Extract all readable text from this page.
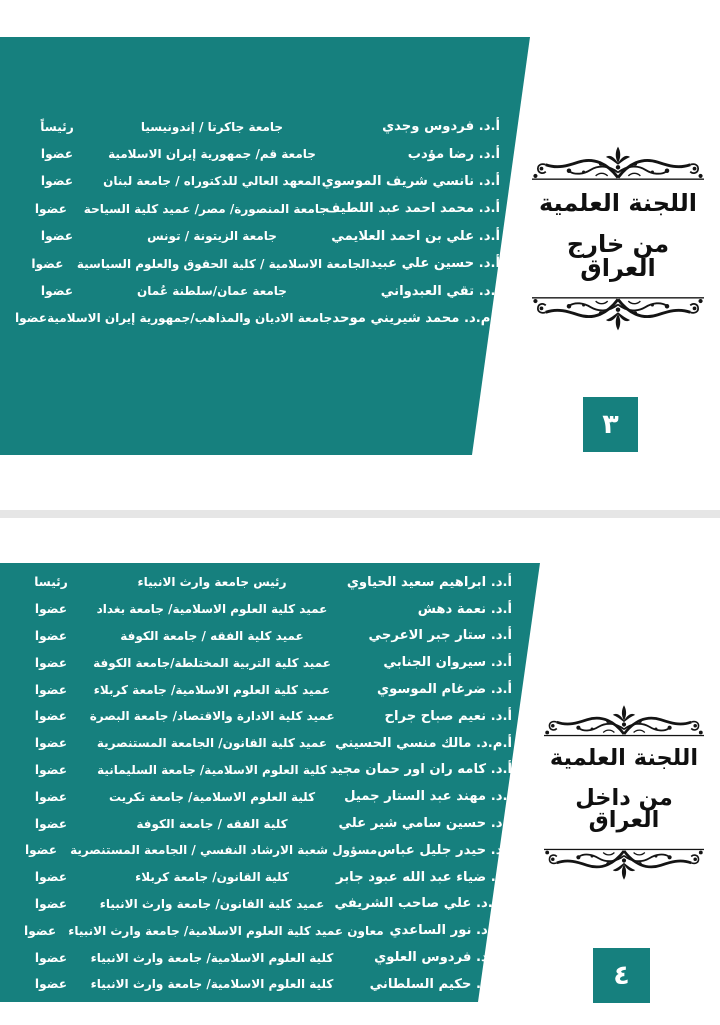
أ.د. فردوس وجدي
جامعة جاكرتا / إندونيسيا
رئيساً
أ.د. رضا مؤدب
جامعة قم/ جمهورية إيران الاسلامية
عضوا
أ.د. نانسي شريف الموسوي
المعهد العالي للدكتوراه / جامعة لبنان
عضوا
أ.د. محمد احمد عبد اللطيف
جامعة المنصورة/ مصر/ عميد كلية السياحة
عضوا
أ.د. علي بن احمد العلايمي
جامعة الزيتونة / تونس
عضوا
أ.د. حسين علي عبيد
الجامعة الاسلامية / كلية الحقوق والعلوم السياسية
عضوا
أ.د. تقي العبدواني
جامعة عمان/سلطنة عُمان
عضوا
أ.م.د. محمد شيريني موحد
جامعة الاديان والمذاهب/جمهورية إيران الاسلامية
عضوا
اللجنة العلمية
من خارج العراق
٣
أ.د. ابراهيم سعيد الحياوي
رئيس جامعة وارث الانبياء
رئيسا
أ.د. نعمة دهش
عميد كلية العلوم الاسلامية/ جامعة بغداد
عضوا
أ.د. ستار جبر الاعرجي
عميد كلية الفقه / جامعة الكوفة
عضوا
أ.د. سيروان الجنابي
عميد كلية التربية المختلطة/جامعة الكوفة
عضوا
أ.د. ضرغام الموسوي
عميد كلية العلوم الاسلامية/ جامعة كربلاء
عضوا
أ.د. نعيم صباح جراح
عميد كلية الادارة والاقتصاد/ جامعة البصرة
عضوا
أ.م.د. مالك منسي الحسيني
عميد كلية القانون/ الجامعة المستنصرية
عضوا
أ.د. كامه ران اور حمان مجيد
كلية العلوم الاسلامية/ جامعة السليمانية
عضوا
أ.د. مهند عبد الستار جميل
كلية العلوم الاسلامية/ جامعة تكريت
عضوا
أ.د. حسين سامي شير علي
كلية الفقه / جامعة الكوفة
عضوا
أ.د. حيدر جليل عباس
مسؤول شعبة الارشاد النفسي / الجامعة المستنصرية
عضوا
أ.د. ضياء عبد الله عبود جابر
كلية القانون/ جامعة كربلاء
عضوا
أ.م.د. علي صاحب الشريفي
عميد كلية القانون/ جامعة وارث الانبياء
عضوا
أ.م.د. نور الساعدي
معاون عميد كلية العلوم الاسلامية/ جامعة وارث الانبياء
عضوا
أ.م.د. فردوس العلوي
كلية العلوم الاسلامية/ جامعة وارث الانبياء
عضوا
أ.م.د. حكيم السلطاني
كلية العلوم الاسلامية/ جامعة وارث الانبياء
عضوا
اللجنة العلمية
من داخل العراق
٤
